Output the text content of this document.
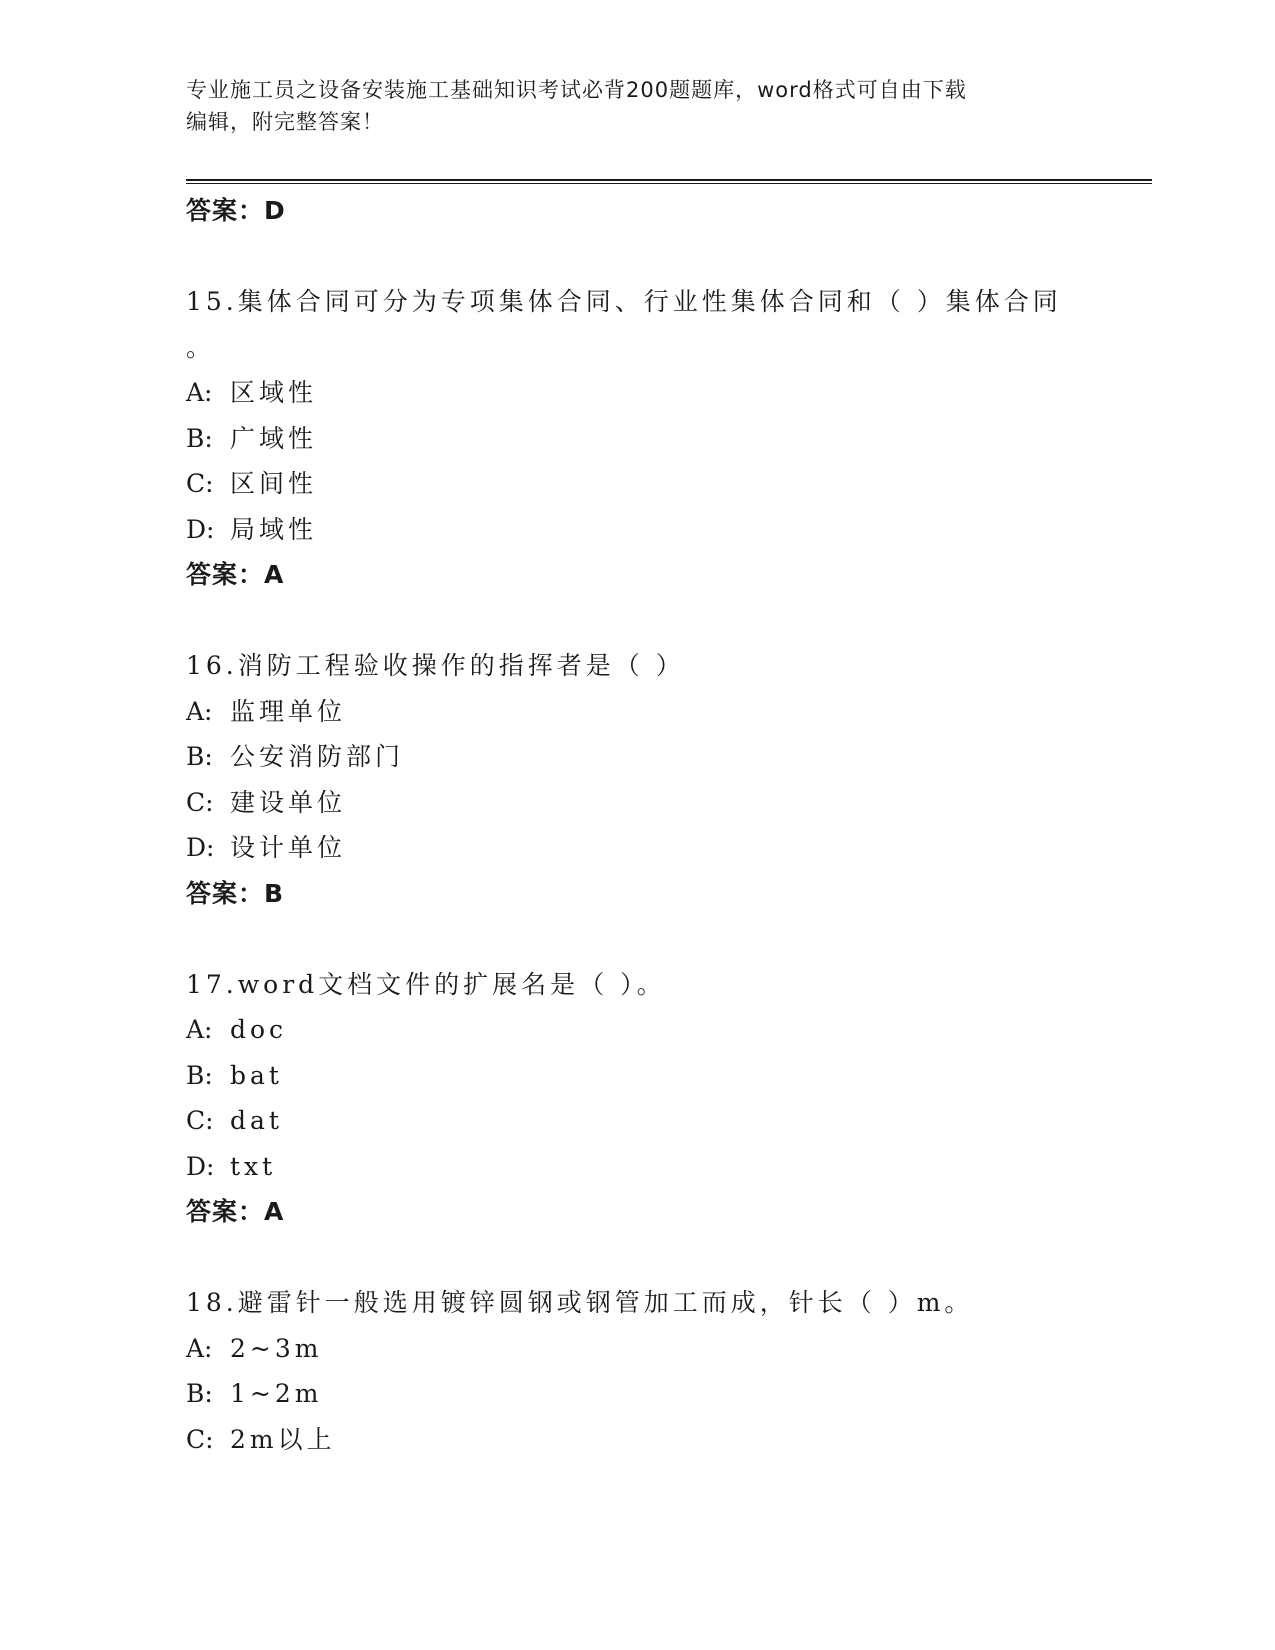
专业施工员之设备安装施工基础知识考试必背200题题库，word格式可自由下载
编辑，附完整答案！
答案：D
15.集体合同可分为专项集体合同、行业性集体合同和（ ）集体合同
。
A: 区域性
B: 广域性
C: 区间性
D: 局域性
答案：A
16.消防工程验收操作的指挥者是（ ）
A: 监理单位
B: 公安消防部门
C: 建设单位
D: 设计单位
答案：B
17.word文档文件的扩展名是（ ）。
A: doc
B: bat
C: dat
D: txt
答案：A
18.避雷针一般选用镀锌圆钢或钢管加工而成，针长（ ）m。
A: 2~3m
B: 1~2m
C: 2m以上
